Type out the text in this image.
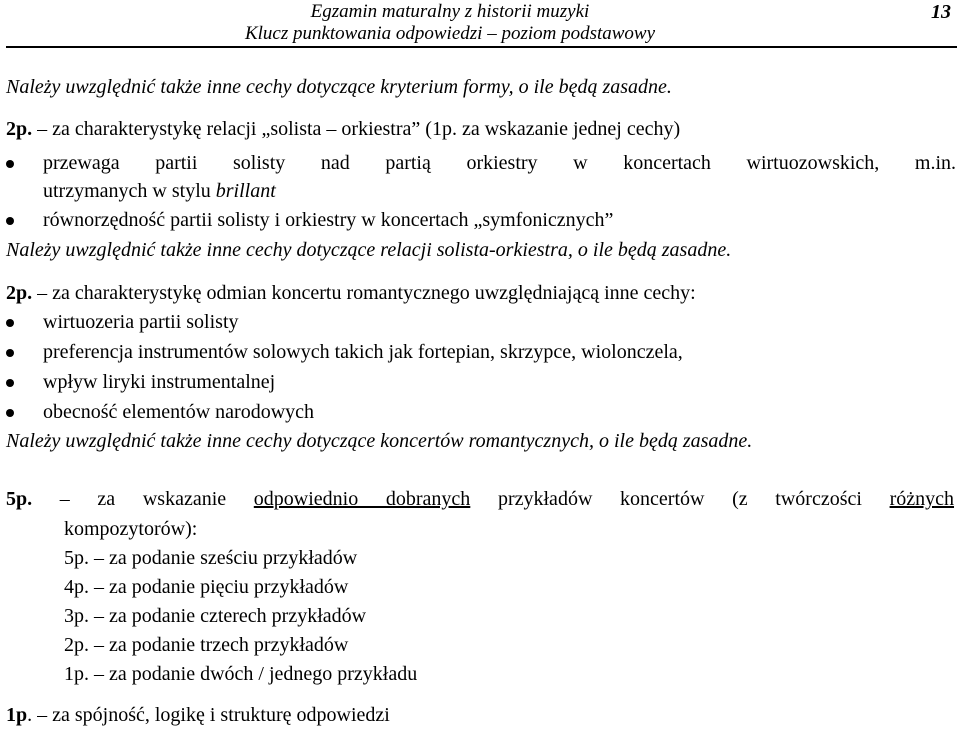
Egzamin maturalny z historii muzyki
Klucz punktowania odpowiedzi – poziom podstawowy
13
Należy uwzględnić także inne cechy dotyczące kryterium formy, o ile będą zasadne.
2p. – za charakterystykę relacji „solista – orkiestra” (1p. za wskazanie jednej cechy)
przewaga partii solisty nad partią orkiestry w koncertach wirtuozowskich, m.in.
utrzymanych w stylu brillant
równorzędność partii solisty i orkiestry w koncertach „symfonicznych”
Należy uwzględnić także inne cechy dotyczące relacji solista-orkiestra, o ile będą zasadne.
2p. – za charakterystykę odmian koncertu romantycznego uwzględniającą inne cechy:
wirtuozeria partii solisty
preferencja instrumentów solowych takich jak fortepian, skrzypce, wiolonczela,
wpływ liryki instrumentalnej
obecność elementów narodowych
Należy uwzględnić także inne cechy dotyczące koncertów romantycznych, o ile będą zasadne.
5p. – za wskazanie odpowiednio dobranych przykładów koncertów (z twórczości różnych
kompozytorów):
5p. – za podanie sześciu przykładów
4p. – za podanie pięciu przykładów
3p. – za podanie czterech przykładów
2p. – za podanie trzech przykładów
1p. – za podanie dwóch / jednego przykładu
1p. – za spójność, logikę i strukturę odpowiedzi
